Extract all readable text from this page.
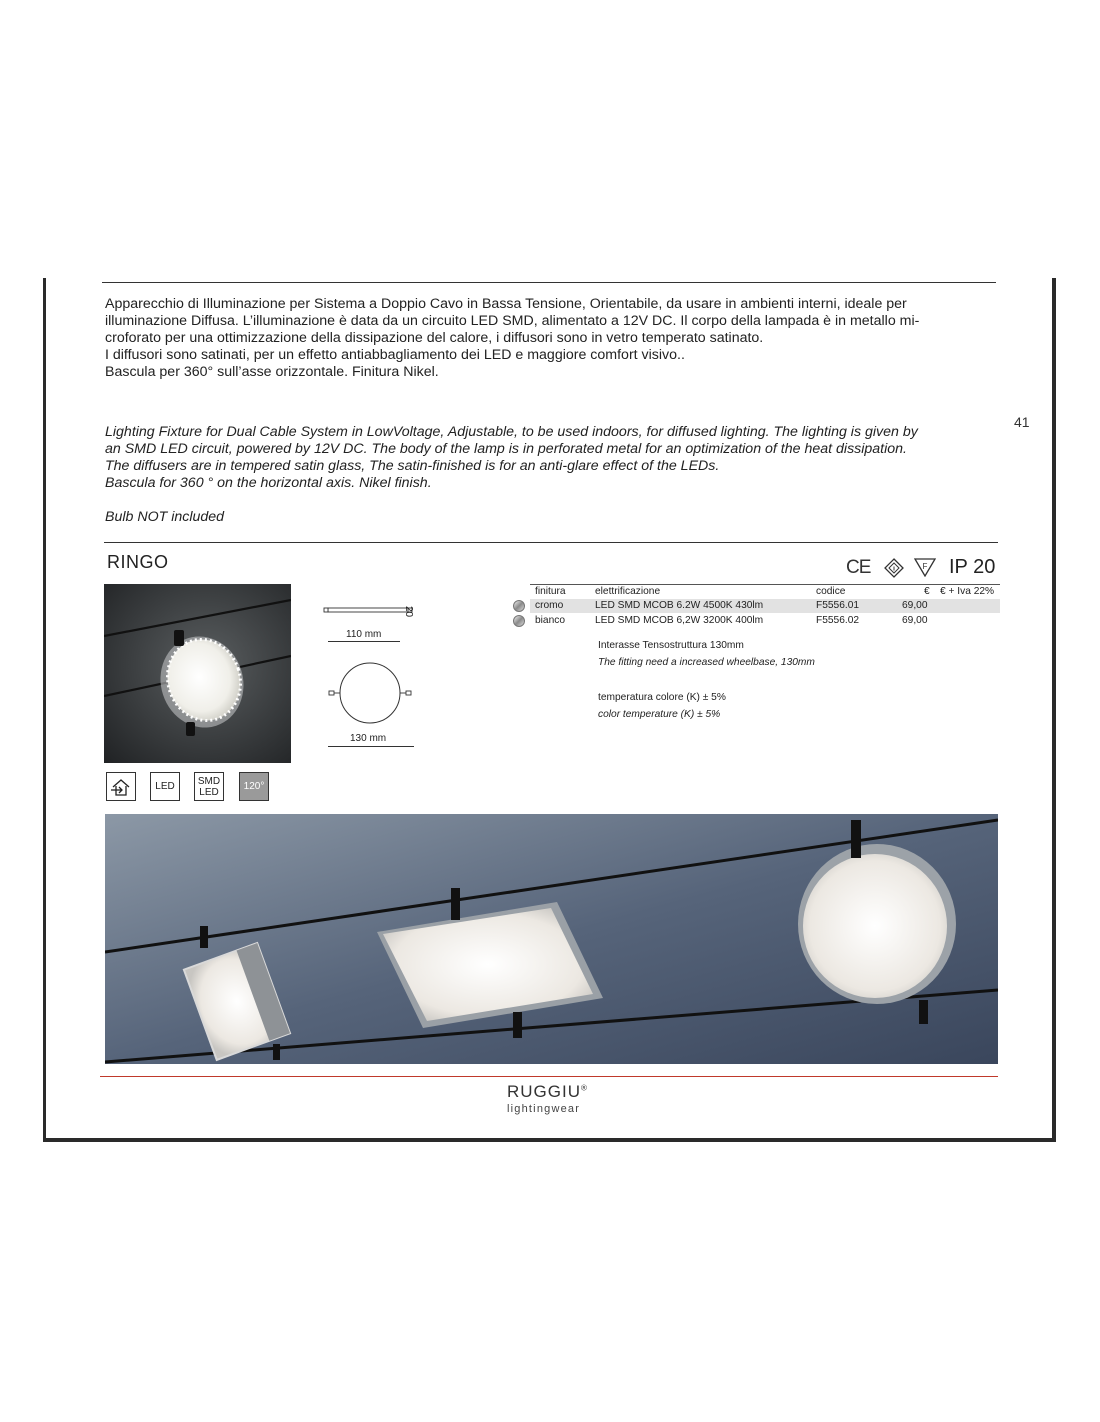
Apparecchio di Illuminazione per Sistema a Doppio Cavo in Bassa Tensione, Orientabile, da usare in ambienti interni, ideale per

illuminazione Diffusa. L’illuminazione è data da un circuito LED SMD, alimentato a 12V DC. Il corpo della lampada è in metallo mi-

croforato per una ottimizzazione della dissipazione del calore, i diffusori sono in vetro temperato satinato.

I diffusori sono satinati, per un effetto antiabbagliamento dei LED e maggiore comfort visivo..

Bascula per 360° sull’asse orizzontale. Finitura Nikel.

41

Lighting Fixture for Dual Cable System in LowVoltage, Adjustable, to be used indoors, for diffused lighting. The lighting is given by

an SMD LED circuit, powered by 12V DC. The body of the lamp is in perforated metal for an optimization of the heat dissipation.

The diffusers are in tempered satin glass, The satin-finished is for an anti-glare effect of the LEDs.

Bascula for 360 ° on the horizontal axis. Nikel finish.

Bulb NOT included
RINGO	CE	II	F IP 20
LED	SMD
LED 120°
20
110 mm
130 mm
finitura	elettrificazione	codice	€ € + Iva 22%
cromo	LED SMD MCOB 6.2W 4500K 430lm	F5556.01	69,00
bianco	LED SMD MCOB 6,2W 3200K 400lm	F5556.02	69,00
Interasse Tensostruttura 130mm
The fitting need a increased wheelbase, 130mm
temperatura colore (K) ± 5%
color temperature (K) ± 5%
RUGGIU®
lightingwear
